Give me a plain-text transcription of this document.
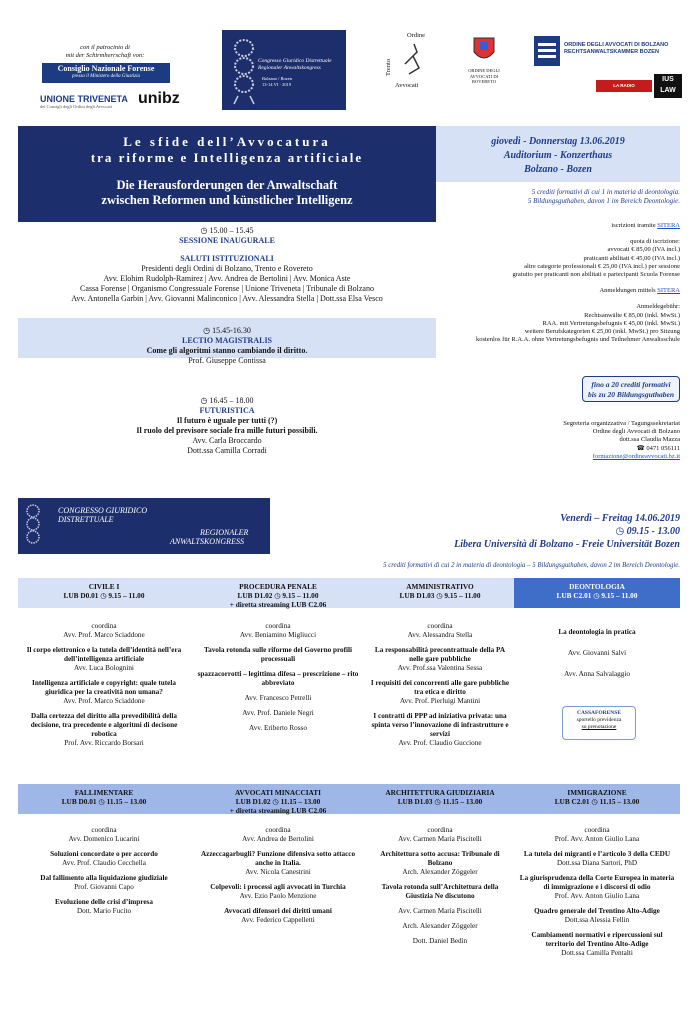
con il patrocinio di
mit der Schirmherrschaft von:
Consiglio Nazionale Forense
presso il Ministero della Giustizia
UNIONE TRIVENETA
dei Consigli degli Ordini degli Avvocati	unibz
Congresso Giuridico Distrettuale
Regionaler Anwaltskongress
Bolzano / Bozen
13-14.VI · 2019
Trento
Avvocati
Ordine
ORDINE DEGLI AVVOCATI DI ROVERETO
ORDINE DEGLI AVVOCATI DI BOLZANO
RECHTSANWALTSKAMMER BOZEN
LA RADIO DELL'AVVOCATURA
IUS
LAW
Le sfide dell’Avvocatura
tra riforme e Intelligenza artificiale
Die Herausforderungen der Anwaltschaft
zwischen Reformen und künstlicher Intelligenz
giovedì - Donnerstag 13.06.2019
Auditorium - Konzerthaus
Bolzano - Bozen
5 crediti formativi di cui 1 in materia di deontologia.
5 Bildungsguthaben, davon 1 im Bereich Deontologie.
◷ 15.00 – 15.45
SESSIONE INAUGURALE
SALUTI ISTITUZIONALI
Presidenti degli Ordini di Bolzano, Trento e Rovereto
Avv. Elohim Rudolph-Ramirez | Avv. Andrea de Bertolini | Avv. Monica Aste
Cassa Forense | Organismo Congressuale Forense | Unione Triveneta | Tribunale di Bolzano
Avv. Antonella Garbin | Avv. Giovanni Malinconico | Avv. Alessandra Stella | Dott.ssa Elsa Vesco
◷ 15.45-16.30
LECTIO MAGISTRALIS
Come gli algoritmi stanno cambiando il diritto.
Prof. Giuseppe Contissa
◷ 16.45 – 18.00
FUTURISTICA
Il futuro è uguale per tutti (?)
Il ruolo del previsore sociale fra mille futuri possibili.
Avv. Carla Broccardo
Dott.ssa Camilla Corradi
iscrizioni tramite SITERA
quota di iscrizione:
avvocati € 85,00 (IVA incl.)
praticanti abilitati € 45,00 (IVA incl.)
altre categorie professionali € 25,00 (IVA incl.) per sessione
gratuito per praticanti non abilitati e partecipanti Scuola Forense
Anmeldungen mittels SITERA
Anmeldegebühr:
Rechtsanwälte € 85,00 (inkl. MwSt.)
RAA. mit Vertretungsbefugnis € 45,00 (inkl. MwSt.)
weitere Berufskategorien € 25,00 (inkl. MwSt.) pro Sitzung
kostenlos für R.A.A. ohne Vertretungsbefugnis und Teilnehmer Anwaltsschule
fino a 20 crediti formativi
bis zu 20 Bildungsguthaben
Segreteria organizzativa / Tagungssekretariat
Ordine degli Avvocati di Bolzano
dott.ssa Claudia Mazza
☎ 0471 056111
formazione@ordineavvocati.bz.it
CONGRESSO GIURIDICO
DISTRETTUALE
REGIONALER
ANWALTSKONGRESS
Venerdì – Freitag 14.06.2019
◷ 09.15 - 13.00
Libera Università di Bolzano - Freie Universität Bozen
5 crediti formativi di cui 2 in materia di deontologia – 5 Bildungsguthaben, davon 2 im Bereich Deontologie.
CIVILE I
LUB D0.01 ◷ 9.15 – 11.00
PROCEDURA PENALE
LUB D1.02 ◷ 9.15 – 11.00
+ diretta streaming LUB C2.06
AMMINISTRATIVO
LUB D1.03 ◷ 9.15 – 11.00
DEONTOLOGIA
LUB C2.01 ◷ 9.15 – 11.00

coordina

Avv. Prof. Marco Sciaddone

Il corpo elettronico e la tutela dell’identità nell’era dell’intelligenza artificiale

Avv. Luca Bolognini

Intelligenza artificiale e copyright: quale tutela giuridica per la creatività non umana?

Avv. Prof. Marco Sciaddone

Dalla certezza del diritto alla prevedibilità della decisione, tra precedente e algoritmi di decisone robotica

Prof. Avv. Riccardo Borsari

coordina

Avv. Beniamino Migliucci

Tavola rotonda sulle riforme del Governo profili processuali

spazzacorrotti – legittima difesa – prescrizione – rito abbreviato

Avv. Francesco Petrelli

Avv. Prof. Daniele Negri

Avv. Eriberto Rosso

coordina

Avv. Alessandra Stella

La responsabilità precontrattuale della PA nelle gare pubbliche

Avv. Prof.ssa Valentina Sessa

I requisiti dei concorrenti alle gare pubbliche tra etica e diritto

Avv. Prof. Pierluigi Mantini

I contratti di PPP ad iniziativa privata: una spinta verso l’innovazione di infrastrutture e servizi

Avv. Prof. Claudio Guccione

La deontologia in pratica

Avv. Giovanni Salvi

Avv. Anna Salvalaggio

CASSAFORENSE
sportello previdenza
su prenotazione
FALLIMENTARE
LUB D0.01 ◷ 11.15 – 13.00
AVVOCATI MINACCIATI
LUB D1.02 ◷ 11.15 – 13.00
+ diretta streaming LUB C2.06
ARCHITETTURA GIUDIZIARIA
LUB D1.03 ◷ 11.15 – 13.00
IMMIGRAZIONE
LUB C2.01 ◷ 11.15 – 13.00

coordina

Avv. Domenico Lucarini

Soluzioni concordate o per accordo

Avv. Prof. Claudio Cecchella

Dal fallimento alla liquidazione giudiziale

Prof. Giovanni Capo

Evoluzione delle crisi d’impresa

Dott. Mario Fucito

coordina

Avv. Andrea de Bertolini

Azzeccagarbugli? Funzione difensiva sotto attacco anche in Italia.

Avv. Nicola Canestrini

Colpevoli: i processi agli avvocati in Turchia

Avv. Ezio Paolo Menzione

Avvocati difensori dei diritti umani

Avv. Federico Cappelletti

coordina

Avv. Carmen Maria Piscitelli

Architettura sotto accusa: Tribunale di Bolzano

Arch. Alexander Zöggeler

Tavola rotonda sull’Architettura della Giustizia Ne discutono

Avv. Carmen Maria Piscitelli

Arch. Alexander Zöggeler

Dott. Daniel Bedin

coordina

Prof. Avv. Anton Giulio Lana

La tutela dei migranti e l’articolo 3 della CEDU

Dott.ssa Diana Sartori, PhD

La giurisprudenza della Corte Europea in materia di immigrazione e i discorsi di odio

Prof. Avv. Anton Giulio Lana

Quadro generale del Trentino Alto-Adige

Dott.ssa Alessia Fellin

Cambiamenti normativi e ripercussioni sul territorio del Trentino Alto-Adige

Dott.ssa Camilla Pentalti
